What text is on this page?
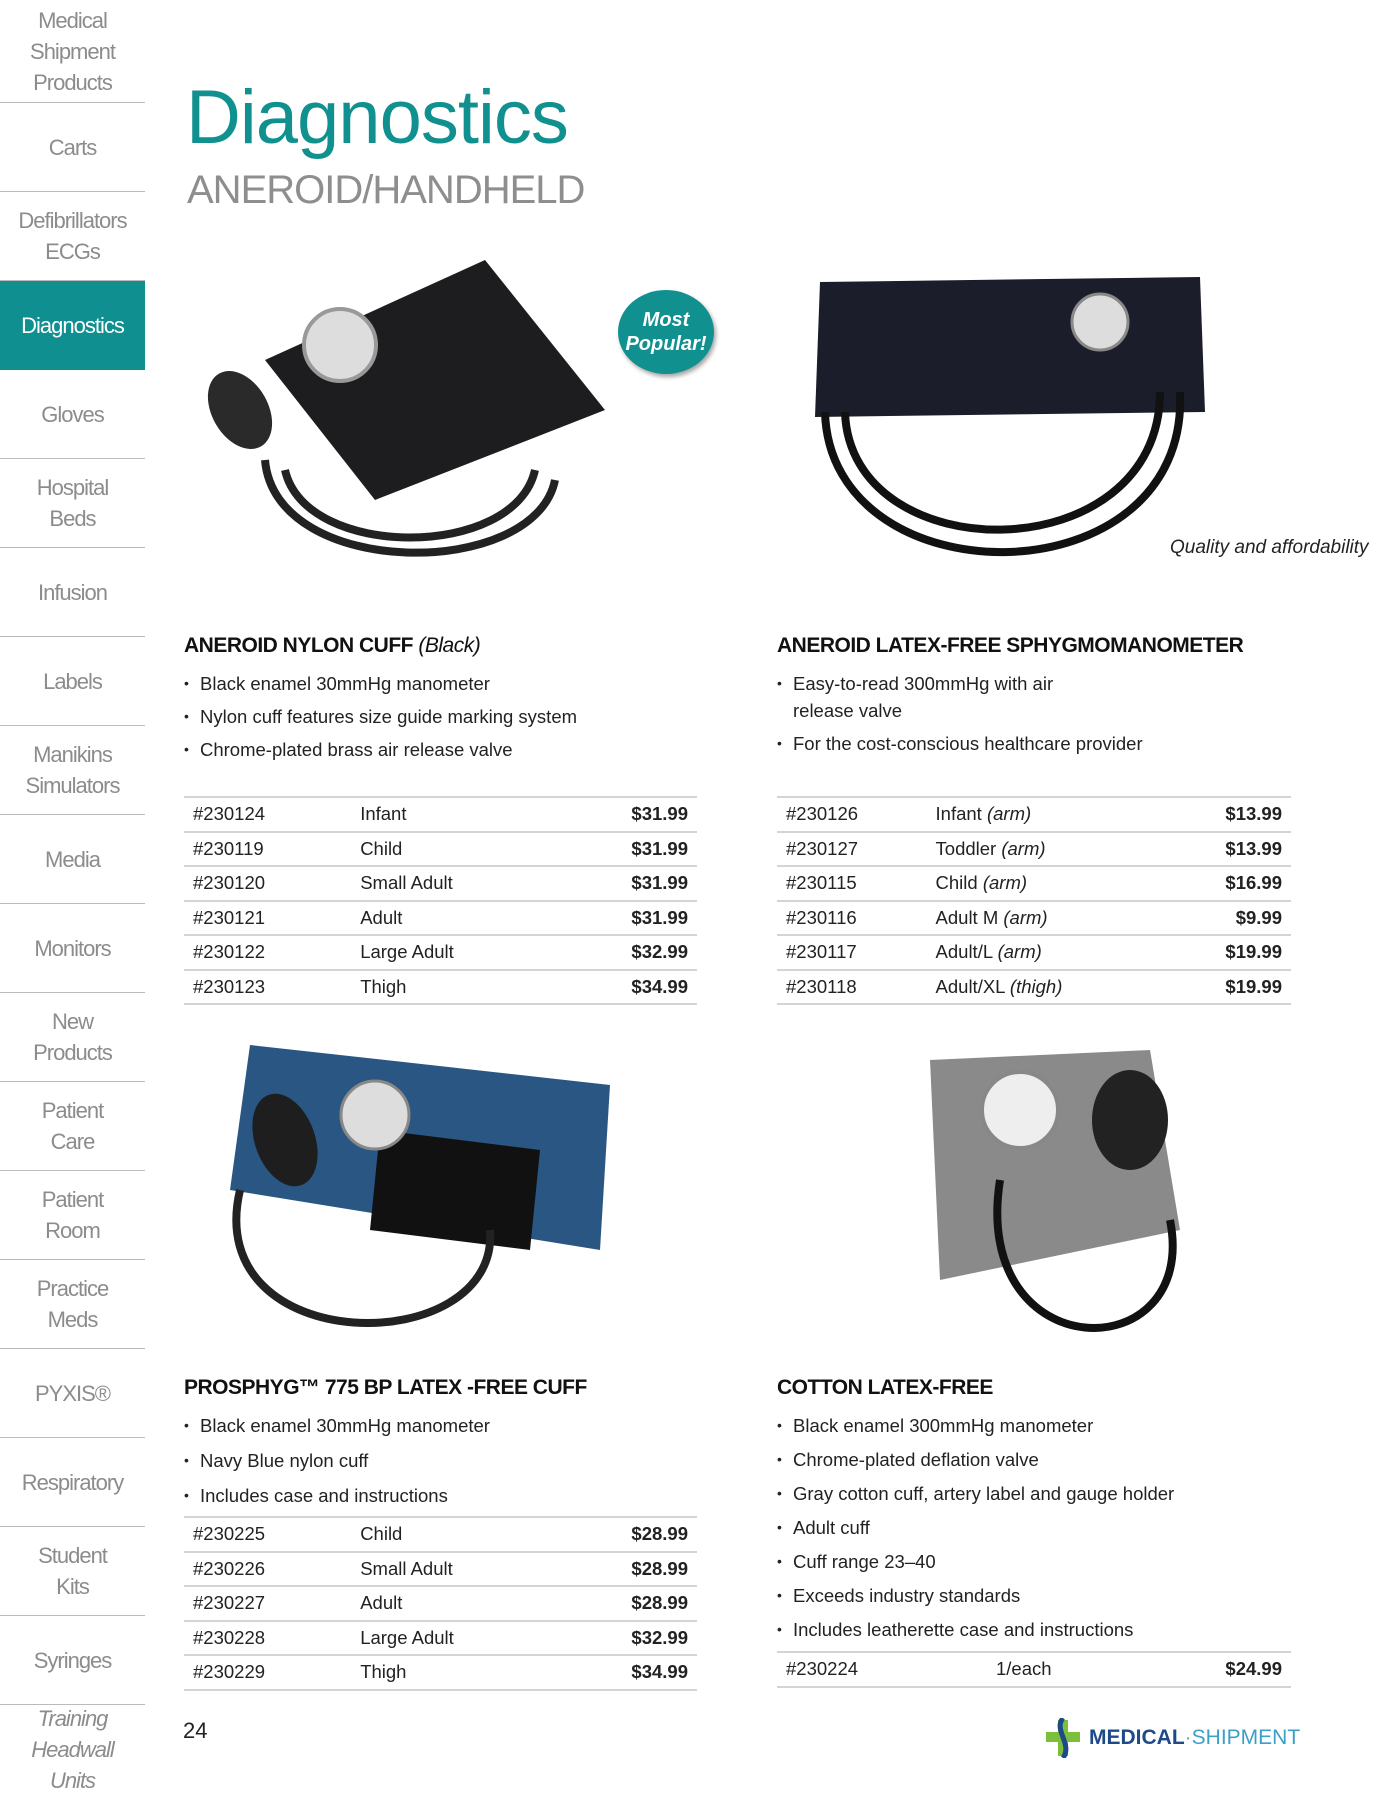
Medical
Shipment
Products
Carts
Defibrillators
ECGs
Diagnostics
Gloves
Hospital
Beds
Infusion
Labels
Manikins
Simulators
Media
Monitors
New
Products
Patient
Care
Patient
Room
Practice
Meds
PYXIS®
Respiratory
Student
Kits
Syringes
Training
Headwall
Units
Diagnostics
ANEROID/HANDHELD
Most Popular!
Quality and affordability
ANEROID NYLON CUFF (Black)
• Black enamel 30mmHg manometer
• Nylon cuff features size guide marking system
• Chrome-plated brass air release valve
#230124	Infant	$31.99
#230119	Child	$31.99
#230120	Small Adult	$31.99
#230121	Adult	$31.99
#230122	Large Adult	$32.99
#230123	Thigh	$34.99
ANEROID LATEX-FREE SPHYGMOMANOMETER
• Easy-to-read 300mmHg with air release valve
• For the cost-conscious healthcare provider
#230126	Infant (arm)	$13.99
#230127	Toddler (arm)	$13.99
#230115	Child (arm)	$16.99
#230116	Adult M (arm)	$9.99
#230117	Adult/L (arm)	$19.99
#230118	Adult/XL (thigh)	$19.99
PROSPHYG™ 775 BP LATEX -FREE CUFF
• Black enamel 30mmHg manometer
• Navy Blue nylon cuff
• Includes case and instructions
#230225	Child	$28.99
#230226	Small Adult	$28.99
#230227	Adult	$28.99
#230228	Large Adult	$32.99
#230229	Thigh	$34.99
COTTON LATEX-FREE
• Black enamel 300mmHg manometer
• Chrome-plated deflation valve
• Gray cotton cuff, artery label and gauge holder
• Adult cuff
• Cuff range 23–40
• Exceeds industry standards
• Includes leatherette case and instructions
#230224	1/each	$24.99
24	MEDICAL·SHIPMENT
